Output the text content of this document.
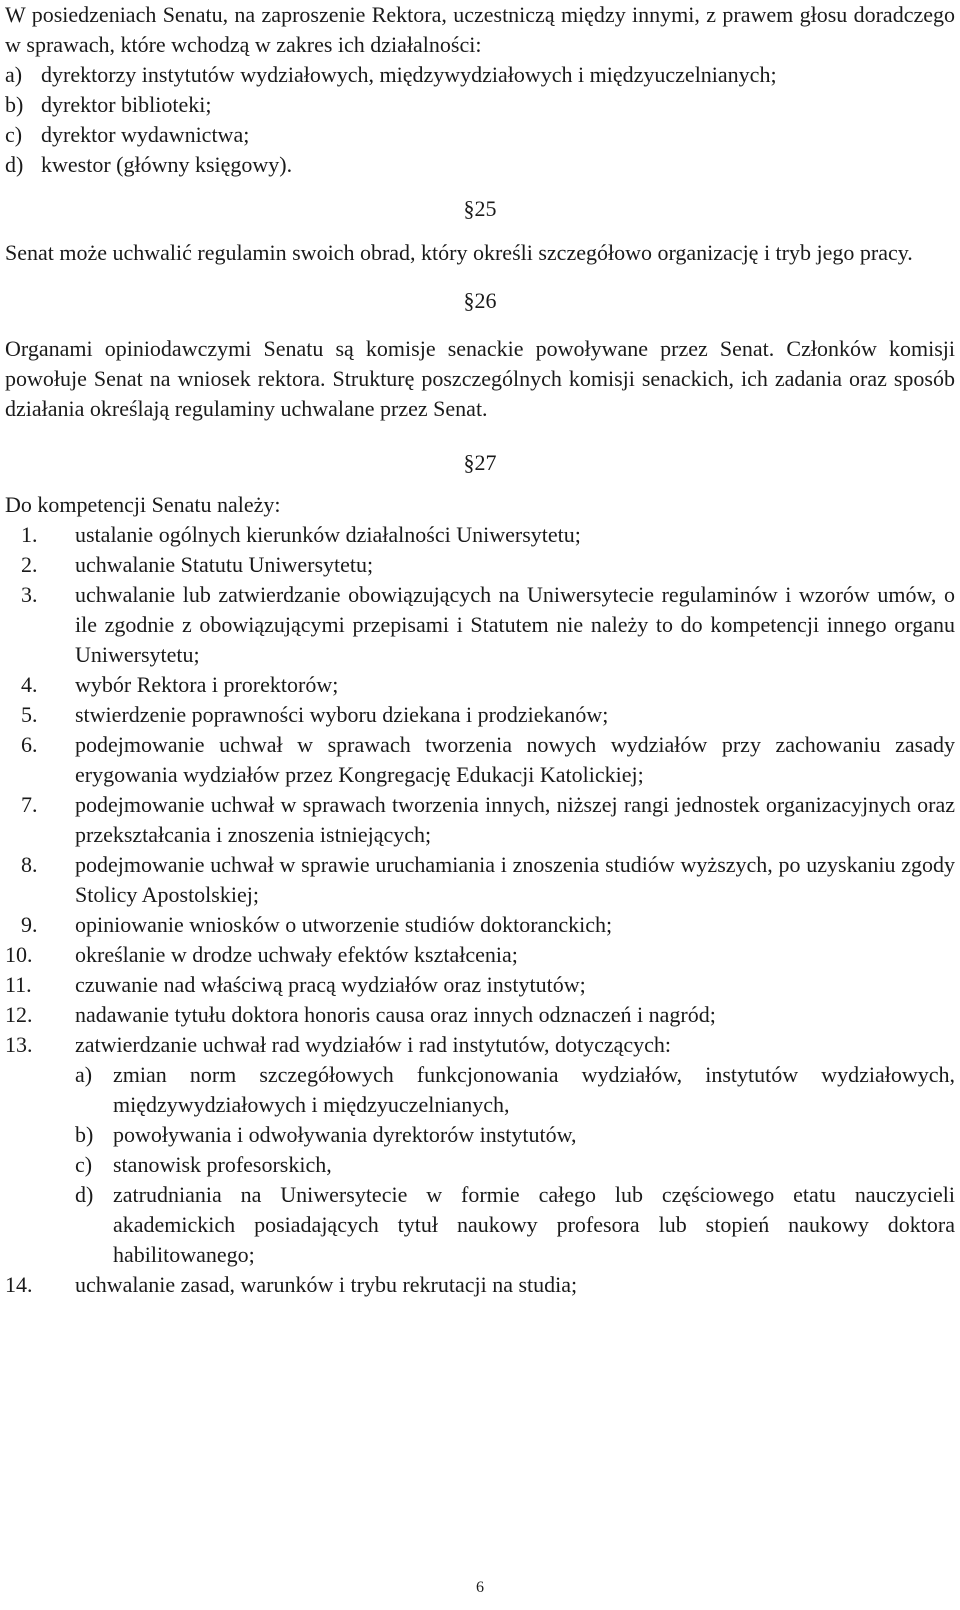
W posiedzeniach Senatu, na zaproszenie Rektora, uczestniczą między innymi, z prawem głosu doradczego w sprawach, które wchodzą w zakres ich działalności:

a) dyrektorzy instytutów wydziałowych, międzywydziałowych i międzyuczelnianych;
b) dyrektor biblioteki;
c) dyrektor wydawnictwa;
d) kwestor (główny księgowy).
§25

Senat może uchwalić regulamin swoich obrad, który określi szczegółowo organizację i tryb jego pracy.

§26

Organami opiniodawczymi Senatu są komisje senackie powoływane przez Senat. Członków komisji powołuje Senat na wniosek rektora. Strukturę poszczególnych komisji senackich, ich zadania oraz sposób działania określają regulaminy uchwalane przez Senat.

§27

Do kompetencji Senatu należy:

1.	ustalanie ogólnych kierunków działalności Uniwersytetu;
2.	uchwalanie Statutu Uniwersytetu;
3.	uchwalanie lub zatwierdzanie obowiązujących na Uniwersytecie regulaminów i wzorów umów, o ile zgodnie z obowiązującymi przepisami i Statutem nie należy to do kompetencji innego organu Uniwersytetu;
4.	wybór Rektora i prorektorów;
5.	stwierdzenie poprawności wyboru dziekana i prodziekanów;
6.	podejmowanie uchwał w sprawach tworzenia nowych wydziałów przy zachowaniu zasady erygowania wydziałów przez Kongregację Edukacji Katolickiej;
7.	podejmowanie uchwał w sprawach tworzenia innych, niższej rangi jednostek organizacyjnych oraz przekształcania i znoszenia istniejących;
8.	podejmowanie uchwał w sprawie uruchamiania i znoszenia studiów wyższych, po uzyskaniu zgody Stolicy Apostolskiej;
9.	opiniowanie wniosków o utworzenie studiów doktoranckich;
10.	określanie w drodze uchwały efektów kształcenia;
11.	czuwanie nad właściwą pracą wydziałów oraz instytutów;
12.	nadawanie tytułu doktora honoris causa oraz innych odznaczeń i nagród;
13.	zatwierdzanie uchwał rad wydziałów i rad instytutów, dotyczących:
a) zmian norm szczegółowych funkcjonowania wydziałów, instytutów wydziałowych, międzywydziałowych i międzyuczelnianych,
b) powoływania i odwoływania dyrektorów instytutów,
c) stanowisk profesorskich,
d) zatrudniania na Uniwersytecie w formie całego lub częściowego etatu nauczycieli akademickich posiadających tytuł naukowy profesora lub stopień naukowy doktora habilitowanego;
14.	uchwalanie zasad, warunków i trybu rekrutacji na studia;
6
